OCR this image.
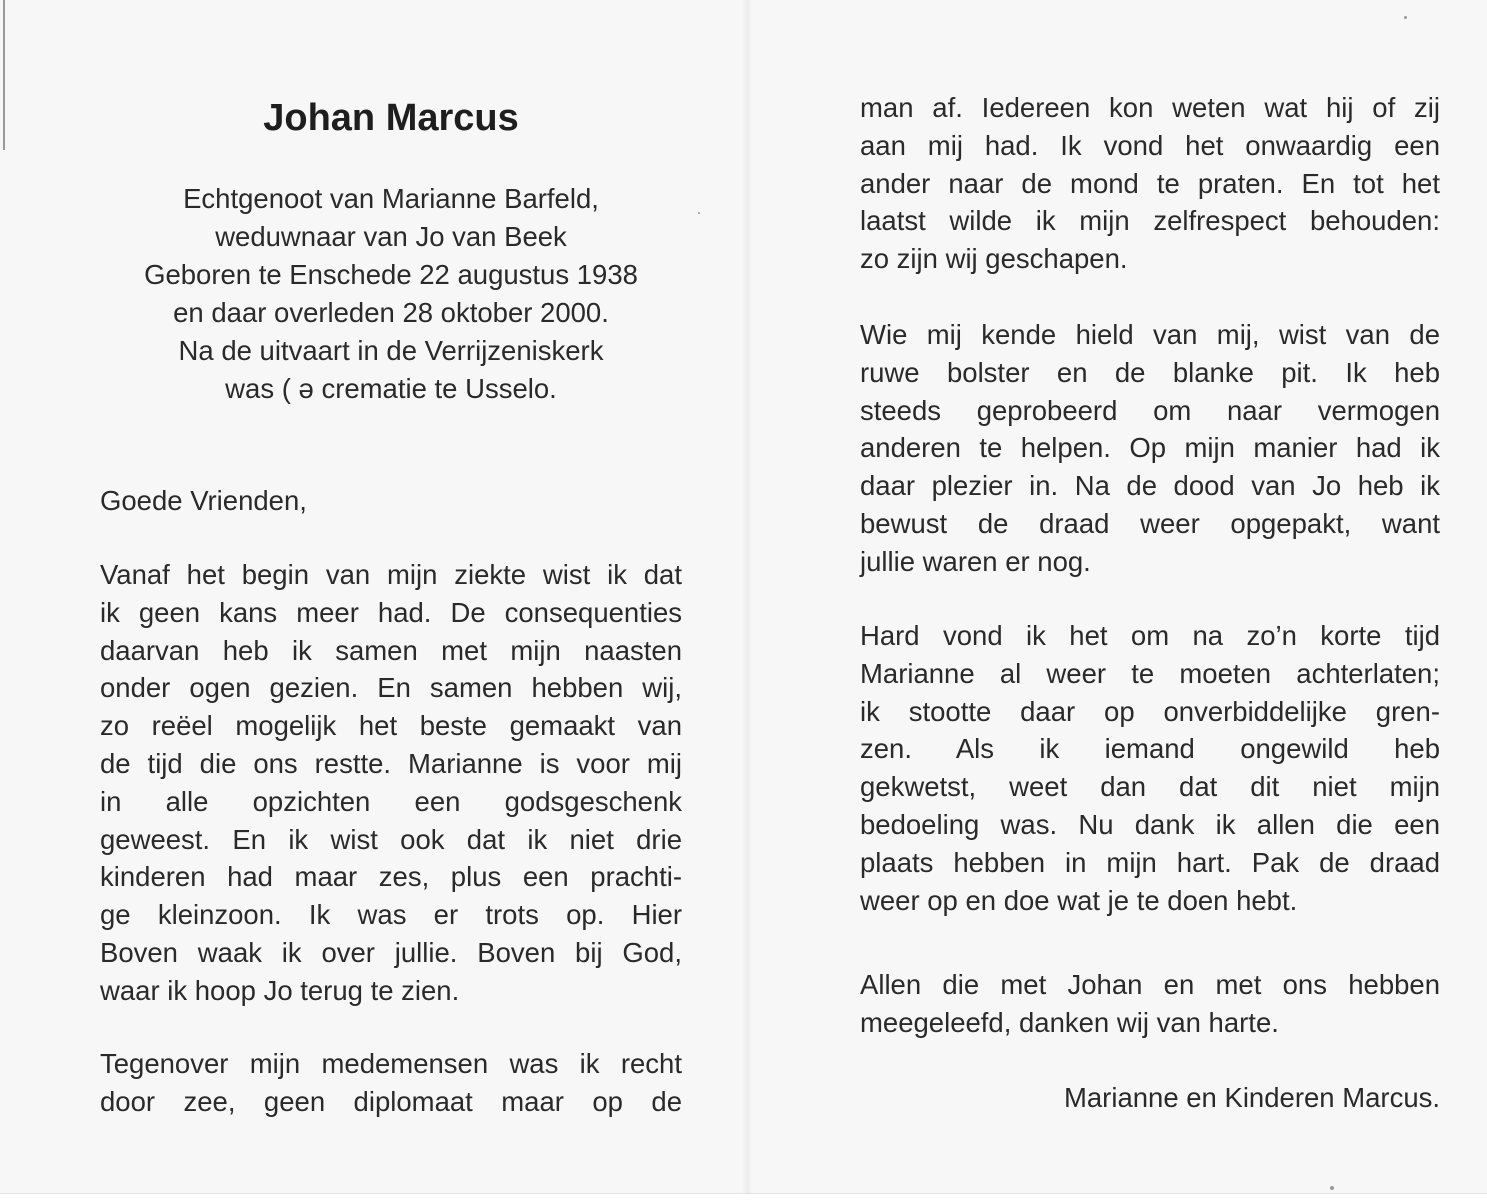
Johan Marcus
Echtgenoot van Marianne Barfeld,
weduwnaar van Jo van Beek
Geboren te Enschede 22 augustus 1938
en daar overleden 28 oktober 2000.
Na de uitvaart in de Verrijzeniskerk
was ( ə crematie te Usselo.
Goede Vrienden,
Vanaf het begin van mijn ziekte wist ik dat
ik geen kans meer had. De consequenties
daarvan heb ik samen met mijn naasten
onder ogen gezien. En samen hebben wij,
zo reëel mogelijk het beste gemaakt van
de tijd die ons restte. Marianne is voor mij
in alle opzichten een godsgeschenk
geweest. En ik wist ook dat ik niet drie
kinderen had maar zes, plus een prachti-
ge kleinzoon. Ik was er trots op. Hier
Boven waak ik over jullie. Boven bij God,
waar ik hoop Jo terug te zien.
Tegenover mijn medemensen was ik recht
door zee, geen diplomaat maar op de
man af. Iedereen kon weten wat hij of zij
aan mij had. Ik vond het onwaardig een
ander naar de mond te praten. En tot het
laatst wilde ik mijn zelfrespect behouden:
zo zijn wij geschapen.
Wie mij kende hield van mij, wist van de
ruwe bolster en de blanke pit. Ik heb
steeds geprobeerd om naar vermogen
anderen te helpen. Op mijn manier had ik
daar plezier in. Na de dood van Jo heb ik
bewust de draad weer opgepakt, want
jullie waren er nog.
Hard vond ik het om na zo’n korte tijd
Marianne al weer te moeten achterlaten;
ik stootte daar op onverbiddelijke gren-
zen. Als ik iemand ongewild heb
gekwetst, weet dan dat dit niet mijn
bedoeling was. Nu dank ik allen die een
plaats hebben in mijn hart. Pak de draad
weer op en doe wat je te doen hebt.
Allen die met Johan en met ons hebben
meegeleefd, danken wij van harte.
Marianne en Kinderen Marcus.
